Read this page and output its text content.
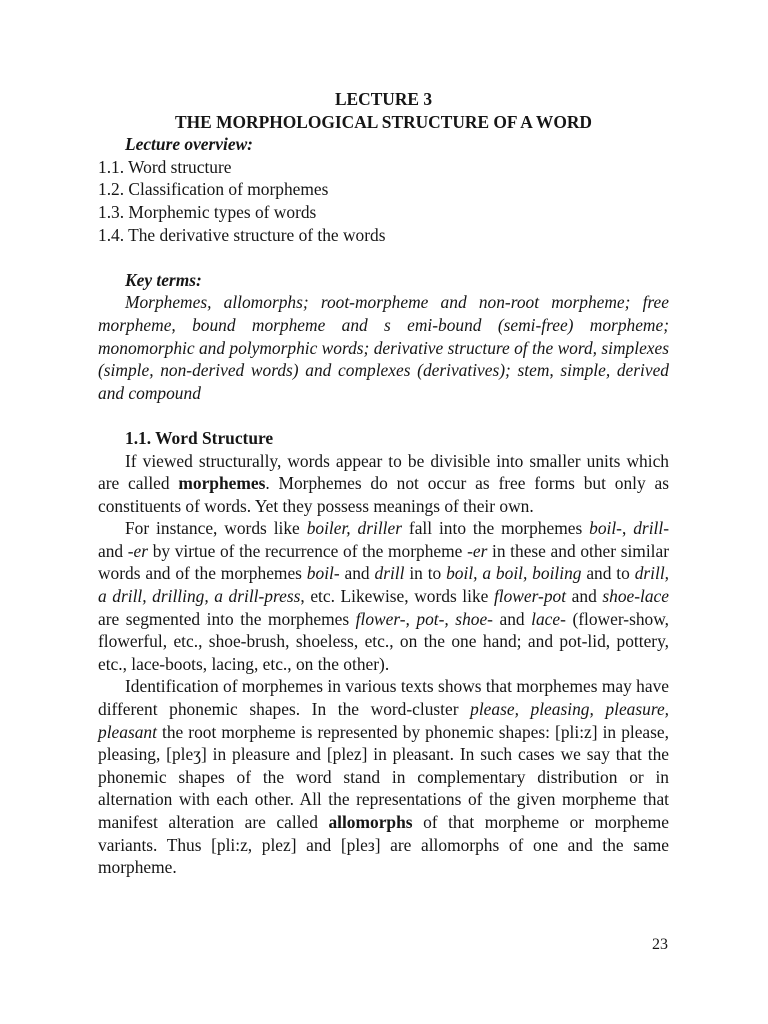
LECTURE 3
THE MORPHOLOGICAL STRUCTURE OF A WORD
Lecture overview:
1.1. Word structure
1.2. Classification of morphemes
1.3. Morphemic types of words
1.4. The derivative structure of the words
Key terms:

Morphemes, allomorphs; root-morpheme and non-root morpheme; free morpheme, bound morpheme and s emi-bound (semi-free) morpheme; monomorphic and polymorphic words; derivative structure of the word, simplexes (simple, non-derived words) and complexes (derivatives); stem, simple, derived and compound

1.1. Word Structure

If viewed structurally, words appear to be divisible into smaller units which are called morphemes. Morphemes do not occur as free forms but only as constituents of words. Yet they possess meanings of their own.

For instance, words like boiler, driller fall into the morphemes boil-, drill- and -er by virtue of the recurrence of the morpheme -er in these and other similar words and of the morphemes boil- and drill in to boil, a boil, boiling and to drill, a drill, drilling, a drill-press, etc. Likewise, words like flower-pot and shoe-lace are segmented into the morphemes flower-, pot-, shoe- and lace- (flower-show, flowerful, etc., shoe-brush, shoeless, etc., on the one hand; and pot-lid, pottery, etc., lace-boots, lacing, etc., on the other).

Identification of morphemes in various texts shows that morphemes may have different phonemic shapes. In the word-cluster please, pleasing, pleasure, pleasant the root morpheme is represented by phonemic shapes: [pli:z] in please, pleasing, [pleʒ] in pleasure and [plez] in pleasant. In such cases we say that the phonemic shapes of the word stand in complementary distribution or in alternation with each other. All the representations of the given morpheme that manifest alteration are called allomorphs of that morpheme or morpheme variants. Thus [pli:z, plez] and [pleз] are allomorphs of one and the same morpheme.

23
